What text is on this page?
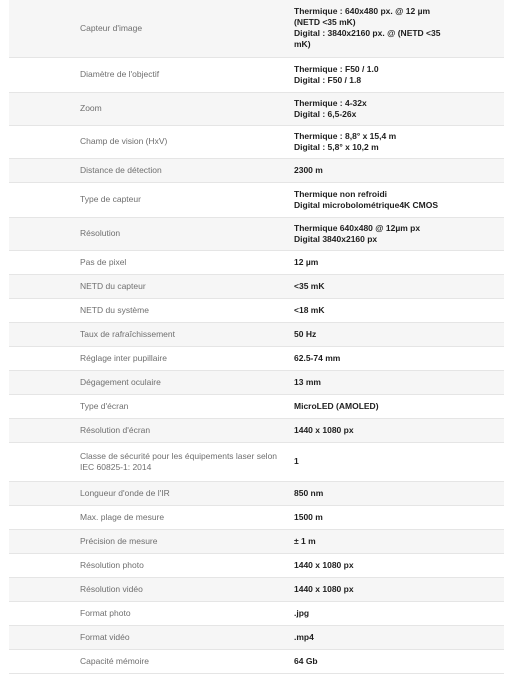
Capteur d'image	Thermique : 640x480 px. @ 12 µm
(NETD <35 mK)
Digital : 3840x2160 px. @ (NETD <35
mK)

Diamètre de l'objectif	Thermique : F50 / 1.0
Digital : F50 / 1.8

Zoom	Thermique : 4-32x
Digital : 6,5-26x

Champ de vision (HxV)	Thermique : 8,8° x 15,4 m
Digital : 5,8° x 10,2 m

Distance de détection	2300 m

Type de capteur	Thermique non refroidi
Digital microbolométrique4K CMOS

Résolution	Thermique 640x480 @ 12µm px
Digital 3840x2160 px

Pas de pixel	12 µm

NETD du capteur	<35 mK

NETD du système	<18 mK

Taux de rafraîchissement	50 Hz

Réglage inter pupillaire	62.5-74 mm

Dégagement oculaire	13 mm

Type d'écran	MicroLED (AMOLED)

Résolution d'écran	1440 x 1080 px

Classe de sécurité pour les équipements laser selon IEC 60825-1: 2014	1

Longueur d'onde de l'IR	850 nm

Max. plage de mesure	1500 m

Précision de mesure	± 1 m

Résolution photo	1440 x 1080 px

Résolution vidéo	1440 x 1080 px

Format photo	.jpg

Format vidéo	.mp4

Capacité mémoire	64 Gb
